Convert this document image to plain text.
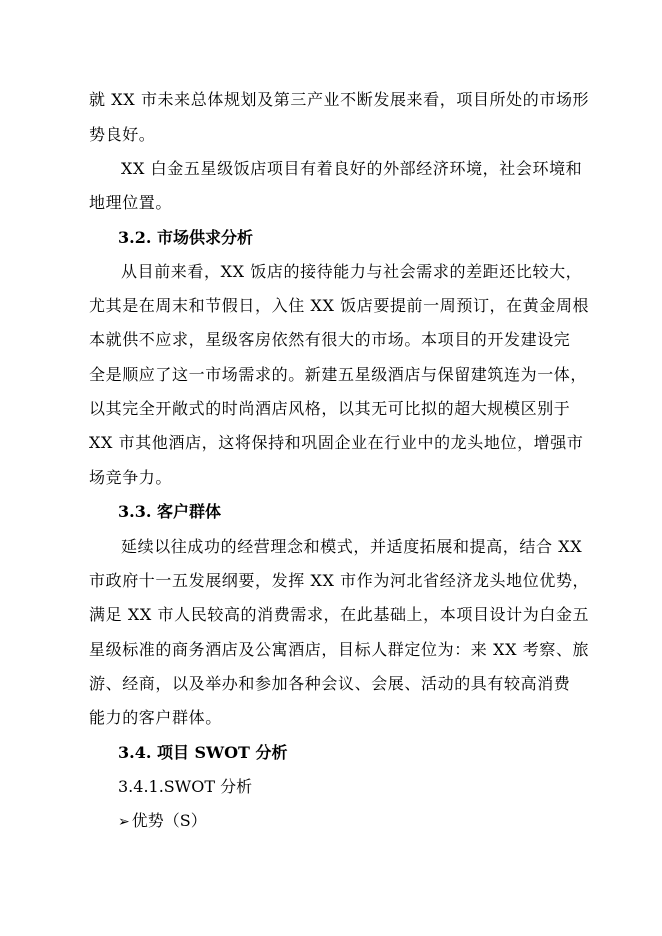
就 XX 市未来总体规划及第三产业不断发展来看，项目所处的市场形
势良好。
XX 白金五星级饭店项目有着良好的外部经济环境，社会环境和
地理位置。
3.2. 市场供求分析
从目前来看，XX 饭店的接待能力与社会需求的差距还比较大，
尤其是在周末和节假日，入住 XX 饭店要提前一周预订，在黄金周根
本就供不应求，星级客房依然有很大的市场。本项目的开发建设完
全是顺应了这一市场需求的。新建五星级酒店与保留建筑连为一体，
以其完全开敞式的时尚酒店风格，以其无可比拟的超大规模区别于
XX 市其他酒店，这将保持和巩固企业在行业中的龙头地位，增强市
场竞争力。
3.3. 客户群体
延续以往成功的经营理念和模式，并适度拓展和提高，结合 XX
市政府十一五发展纲要，发挥 XX 市作为河北省经济龙头地位优势，
满足 XX 市人民较高的消费需求，在此基础上，本项目设计为白金五
星级标准的商务酒店及公寓酒店，目标人群定位为：来 XX 考察、旅
游、经商，以及举办和参加各种会议、会展、活动的具有较高消费
能力的客户群体。
3.4. 项目 SWOT 分析
3.4.1.SWOT 分析
➢ 优势（S）
